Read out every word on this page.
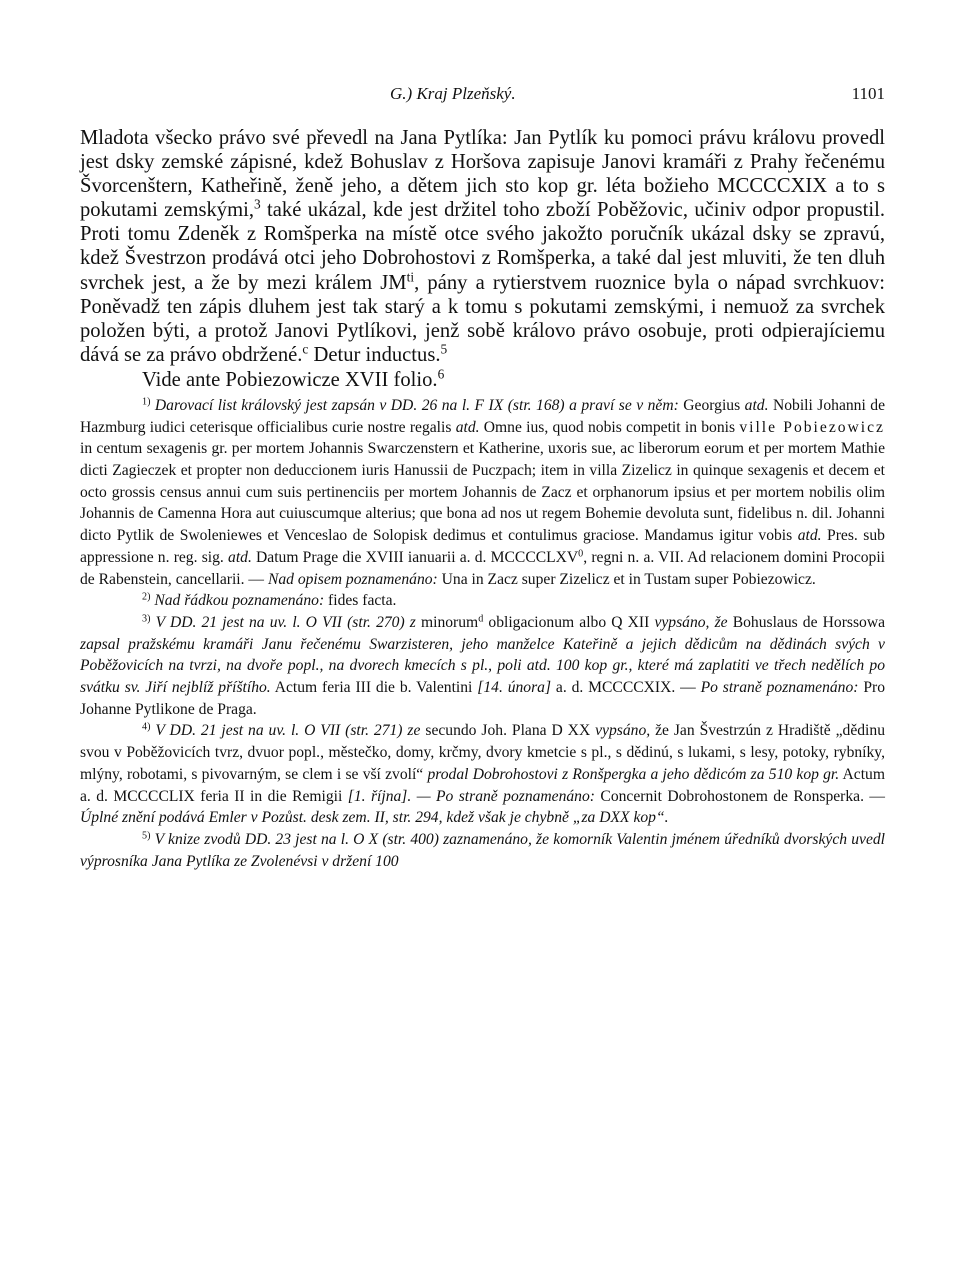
G.) Kraj Plzeňský.	1101

Mladota všecko právo své převedl na Jana Pytlíka: Jan Pytlík ku pomoci právu královu provedl jest dsky zemské zápisné, kdež Bohuslav z Horšova zapisuje Janovi kramáři z Prahy řečenému Švorcenštern, Katheřině, ženě jeho, a dětem jich sto kop gr. léta božieho MCCCCXIX a to s pokutami zemskými,$^3$ také ukázal, kde jest držitel toho zboží Poběžovic, učiniv odpor propustil. Proti tomu Zdeněk z Romšperka na místě otce svého jakožto poručník ukázal dsky se zpravú, kdež Švestrzon prodává otci jeho Dobrohostovi z Romšperka, a také dal jest mluviti, že ten dluh svrchek jest, a že by mezi králem $JM^{ti}$, pány a rytierstvem ruoznice byla o nápad svrchkuov: Poněvadž ten zápis dluhem jest tak starý a k tomu s pokutami zemskými, i nemuož za svrchek položen býti, a protož Janovi Pytlíkovi, jenž sobě královo právo osobuje, proti odpierajíciemu dává se za právo obdržené.$^c$ Detur inductus.$^5$

Vide ante Pobiezowicze XVII folio.$^6$

$^{1)}$ Darovací list královský jest zapsán v DD. 26 na l. F IX (str. 168) a praví se v něm: Georgius atd. Nobili Johanni de Hazmburg iudici ceterisque officialibus curie nostre regalis atd. Omne ius, quod nobis competit in bonis ville Pobiezowicz in centum sexagenis gr. per mortem Johannis Swarczenstern et Katherine, uxoris sue, ac liberorum eorum et per mortem Mathie dicti Zagieczek et propter non deduccionem iuris Hanussii de Puczpach; item in villa Zizelicz in quinque sexagenis et decem et octo grossis census annui cum suis pertinenciis per mortem Johannis de Zacz et orphanorum ipsius et per mortem nobilis olim Johannis de Camenna Hora aut cuiuscumque alterius; que bona ad nos ut regem Bohemie devoluta sunt, fidelibus n. dil. Johanni dicto Pytlik de Swoleniewes et Venceslao de Solopisk dedimus et contulimus graciose. Mandamus igitur vobis atd. Pres. sub appressione n. reg. sig. atd. Datum Prage die XVIII ianuarii a. d. MCCCCLXV$^0$, regni n. a. VII. Ad relacionem domini Procopii de Rabenstein, cancellarii. — Nad opisem poznamenáno: Una in Zacz super Zizelicz et in Tustam super Pobiezowicz.

$^{2)}$ Nad řádkou poznamenáno: fides facta.

$^{3)}$ V DD. 21 jest na uv. l. O VII (str. 270) z minorum$^d$ obligacionum albo Q XII vypsáno, že Bohuslaus de Horssowa zapsal pražskému kramáři Janu řečenému Swarzisteren, jeho manželce Kateřině a jejich dědicům na dědinách svých v Poběžovicích na tvrzi, na dvoře popl., na dvorech kmecích s pl., poli atd. 100 kop gr., které má zaplatiti ve třech nedělích po svátku sv. Jiří nejblíž příštího. Actum feria III die b. Valentini [14. února] a. d. MCCCCXIX. — Po straně poznamenáno: Pro Johanne Pytlikone de Praga.

$^{4)}$ V DD. 21 jest na uv. l. O VII (str. 271) ze secundo Joh. Plana D XX vypsáno, že Jan Švestrzún z Hradiště „dědinu svou v Poběžovicích tvrz, dvuor popl., městečko, domy, krčmy, dvory kmetcie s pl., s dědinú, s lukami, s lesy, potoky, rybníky, mlýny, robotami, s pivovarným, se clem i se vší zvolí“ prodal Dobrohostovi z Ronšpergka a jeho dědicóm za 510 kop gr. Actum a. d. MCCCCLIX feria II in die Remigii [1. října]. — Po straně poznamenáno: Concernit Dobrohostonem de Ronsperka. — Úplné znění podává Emler v Pozůst. desk zem. II, str. 294, kdež však je chybně „za DXX kop“.

$^{5)}$ V knize zvodů DD. 23 jest na l. O X (str. 400) zaznamenáno, že komorník Valentin jménem úředníků dvorských uvedl výprosníka Jana Pytlíka ze Zvolenévsi v držení 100
